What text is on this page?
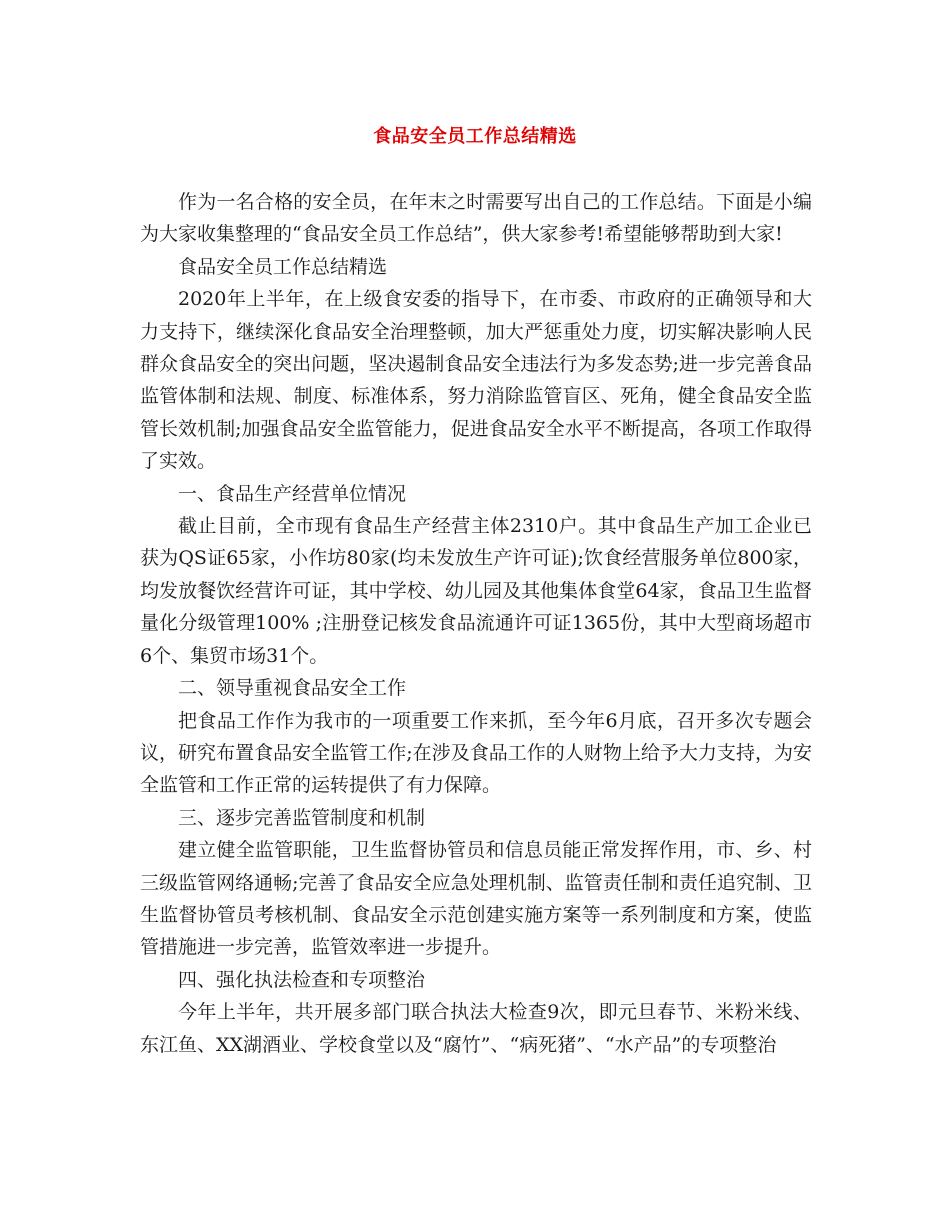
食品安全员工作总结精选

作为一名合格的安全员，在年末之时需要写出自己的工作总结。下面是小编为大家收集整理的“食品安全员工作总结”，供大家参考!希望能够帮助到大家!

食品安全员工作总结精选

2020年上半年，在上级食安委的指导下，在市委、市政府的正确领导和大力支持下，继续深化食品安全治理整顿，加大严惩重处力度，切实解决影响人民群众食品安全的突出问题，坚决遏制食品安全违法行为多发态势;进一步完善食品监管体制和法规、制度、标准体系，努力消除监管盲区、死角，健全食品安全监管长效机制;加强食品安全监管能力，促进食品安全水平不断提高，各项工作取得了实效。

一、食品生产经营单位情况

截止目前，全市现有食品生产经营主体2310户。其中食品生产加工企业已获为QS证65家，小作坊80家(均未发放生产许可证);饮食经营服务单位800家，均发放餐饮经营许可证，其中学校、幼儿园及其他集体食堂64家，食品卫生监督量化分级管理100% ;注册登记核发食品流通许可证1365份，其中大型商场超市6个、集贸市场31个。

二、领导重视食品安全工作

把食品工作作为我市的一项重要工作来抓，至今年6月底，召开多次专题会议，研究布置食品安全监管工作;在涉及食品工作的人财物上给予大力支持，为安全监管和工作正常的运转提供了有力保障。

三、逐步完善监管制度和机制

建立健全监管职能，卫生监督协管员和信息员能正常发挥作用，市、乡、村三级监管网络通畅;完善了食品安全应急处理机制、监管责任制和责任追究制、卫生监督协管员考核机制、食品安全示范创建实施方案等一系列制度和方案，使监管措施进一步完善，监管效率进一步提升。

四、强化执法检查和专项整治

今年上半年，共开展多部门联合执法大检查9次，即元旦春节、米粉米线、东江鱼、XX湖酒业、学校食堂以及“腐竹”、“病死猪”、“水产品”的专项整治
